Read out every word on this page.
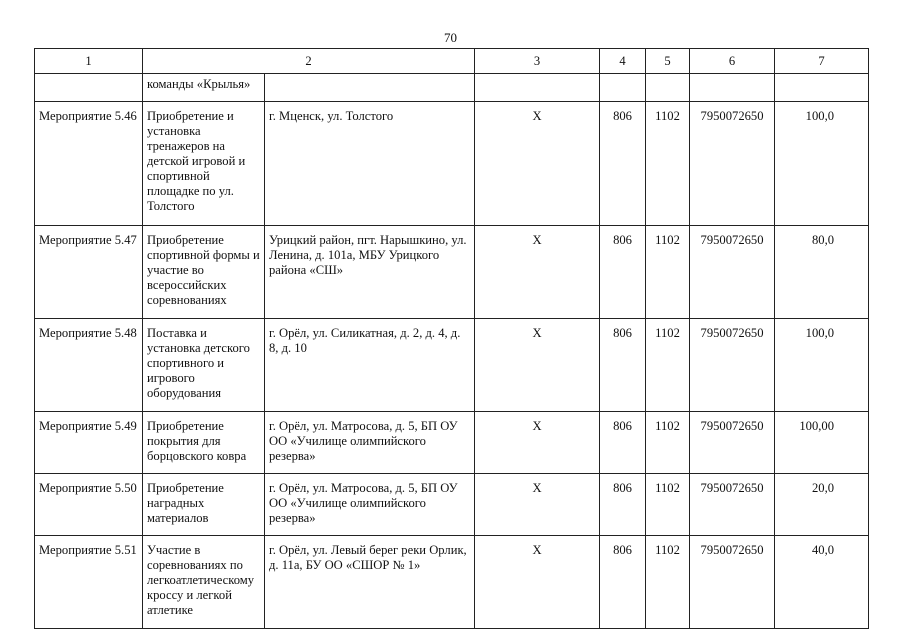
70
1	2		3	4	5	6	7
	команды «Крылья»						
Мероприятие 5.46	Приобретение и установка тренажеров на детской игровой и спортивной площадке по ул. Толстого	г. Мценск, ул. Толстого	Х	806	1102	7950072650	100,0
Мероприятие 5.47	Приобретение спортивной формы и участие во всероссийских соревнованиях	Урицкий район, пгт. Нарышкино, ул. Ленина, д. 101а, МБУ Урицкого района «СШ»	Х	806	1102	7950072650	80,0
Мероприятие 5.48	Поставка и установка детского спортивного и игрового оборудования	г. Орёл, ул. Силикатная, д. 2, д. 4, д. 8, д. 10	Х	806	1102	7950072650	100,0
Мероприятие 5.49	Приобретение покрытия для борцовского ковра	г. Орёл, ул. Матросова, д. 5, БП ОУ ОО «Училище олимпийского резерва»	Х	806	1102	7950072650	100,00
Мероприятие 5.50	Приобретение наградных материалов	г. Орёл, ул. Матросова, д. 5, БП ОУ ОО «Училище олимпийского резерва»	Х	806	1102	7950072650	20,0
Мероприятие 5.51	Участие в соревнованиях по легкоатлетическому кроссу и легкой атлетике	г. Орёл, ул. Левый берег реки Орлик, д. 11а, БУ ОО «СШОР № 1»	Х	806	1102	7950072650	40,0
